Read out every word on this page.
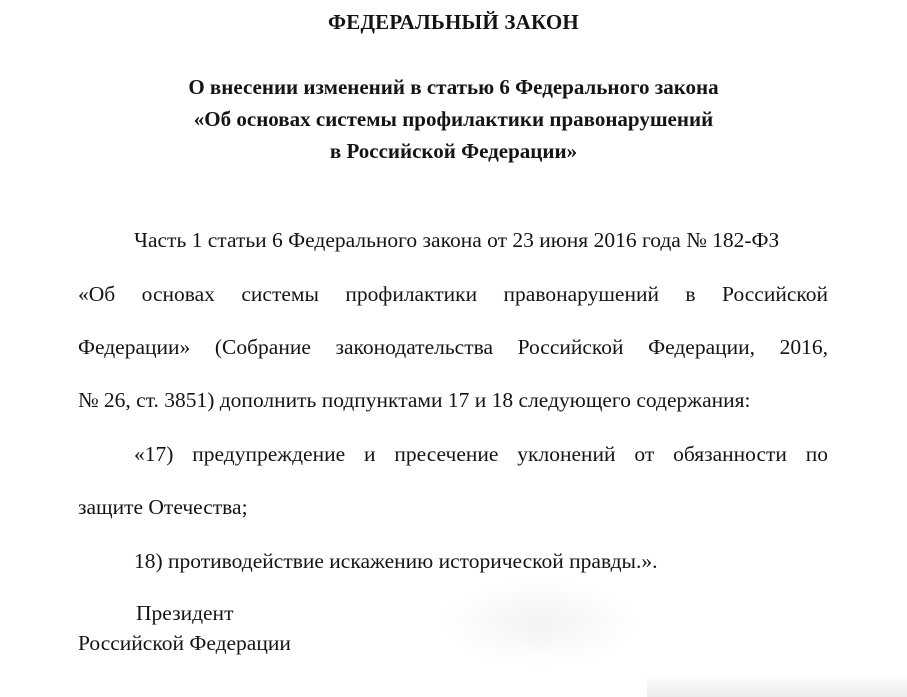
ФЕДЕРАЛЬНЫЙ ЗАКОН
О внесении изменений в статью 6 Федерального закона
«Об основах системы профилактики правонарушений
в Российской Федерации»
Часть 1 статьи 6 Федерального закона от 23 июня 2016 года № 182-ФЗ
«Об основах системы профилактики правонарушений в Российской
Федерации» (Собрание законодательства Российской Федерации, 2016,
№ 26, ст. 3851) дополнить подпунктами 17 и 18 следующего содержания:
«17) предупреждение и пресечение уклонений от обязанности по
защите Отечества;
18) противодействие искажению исторической правды.».
Президент
Российской Федерации
